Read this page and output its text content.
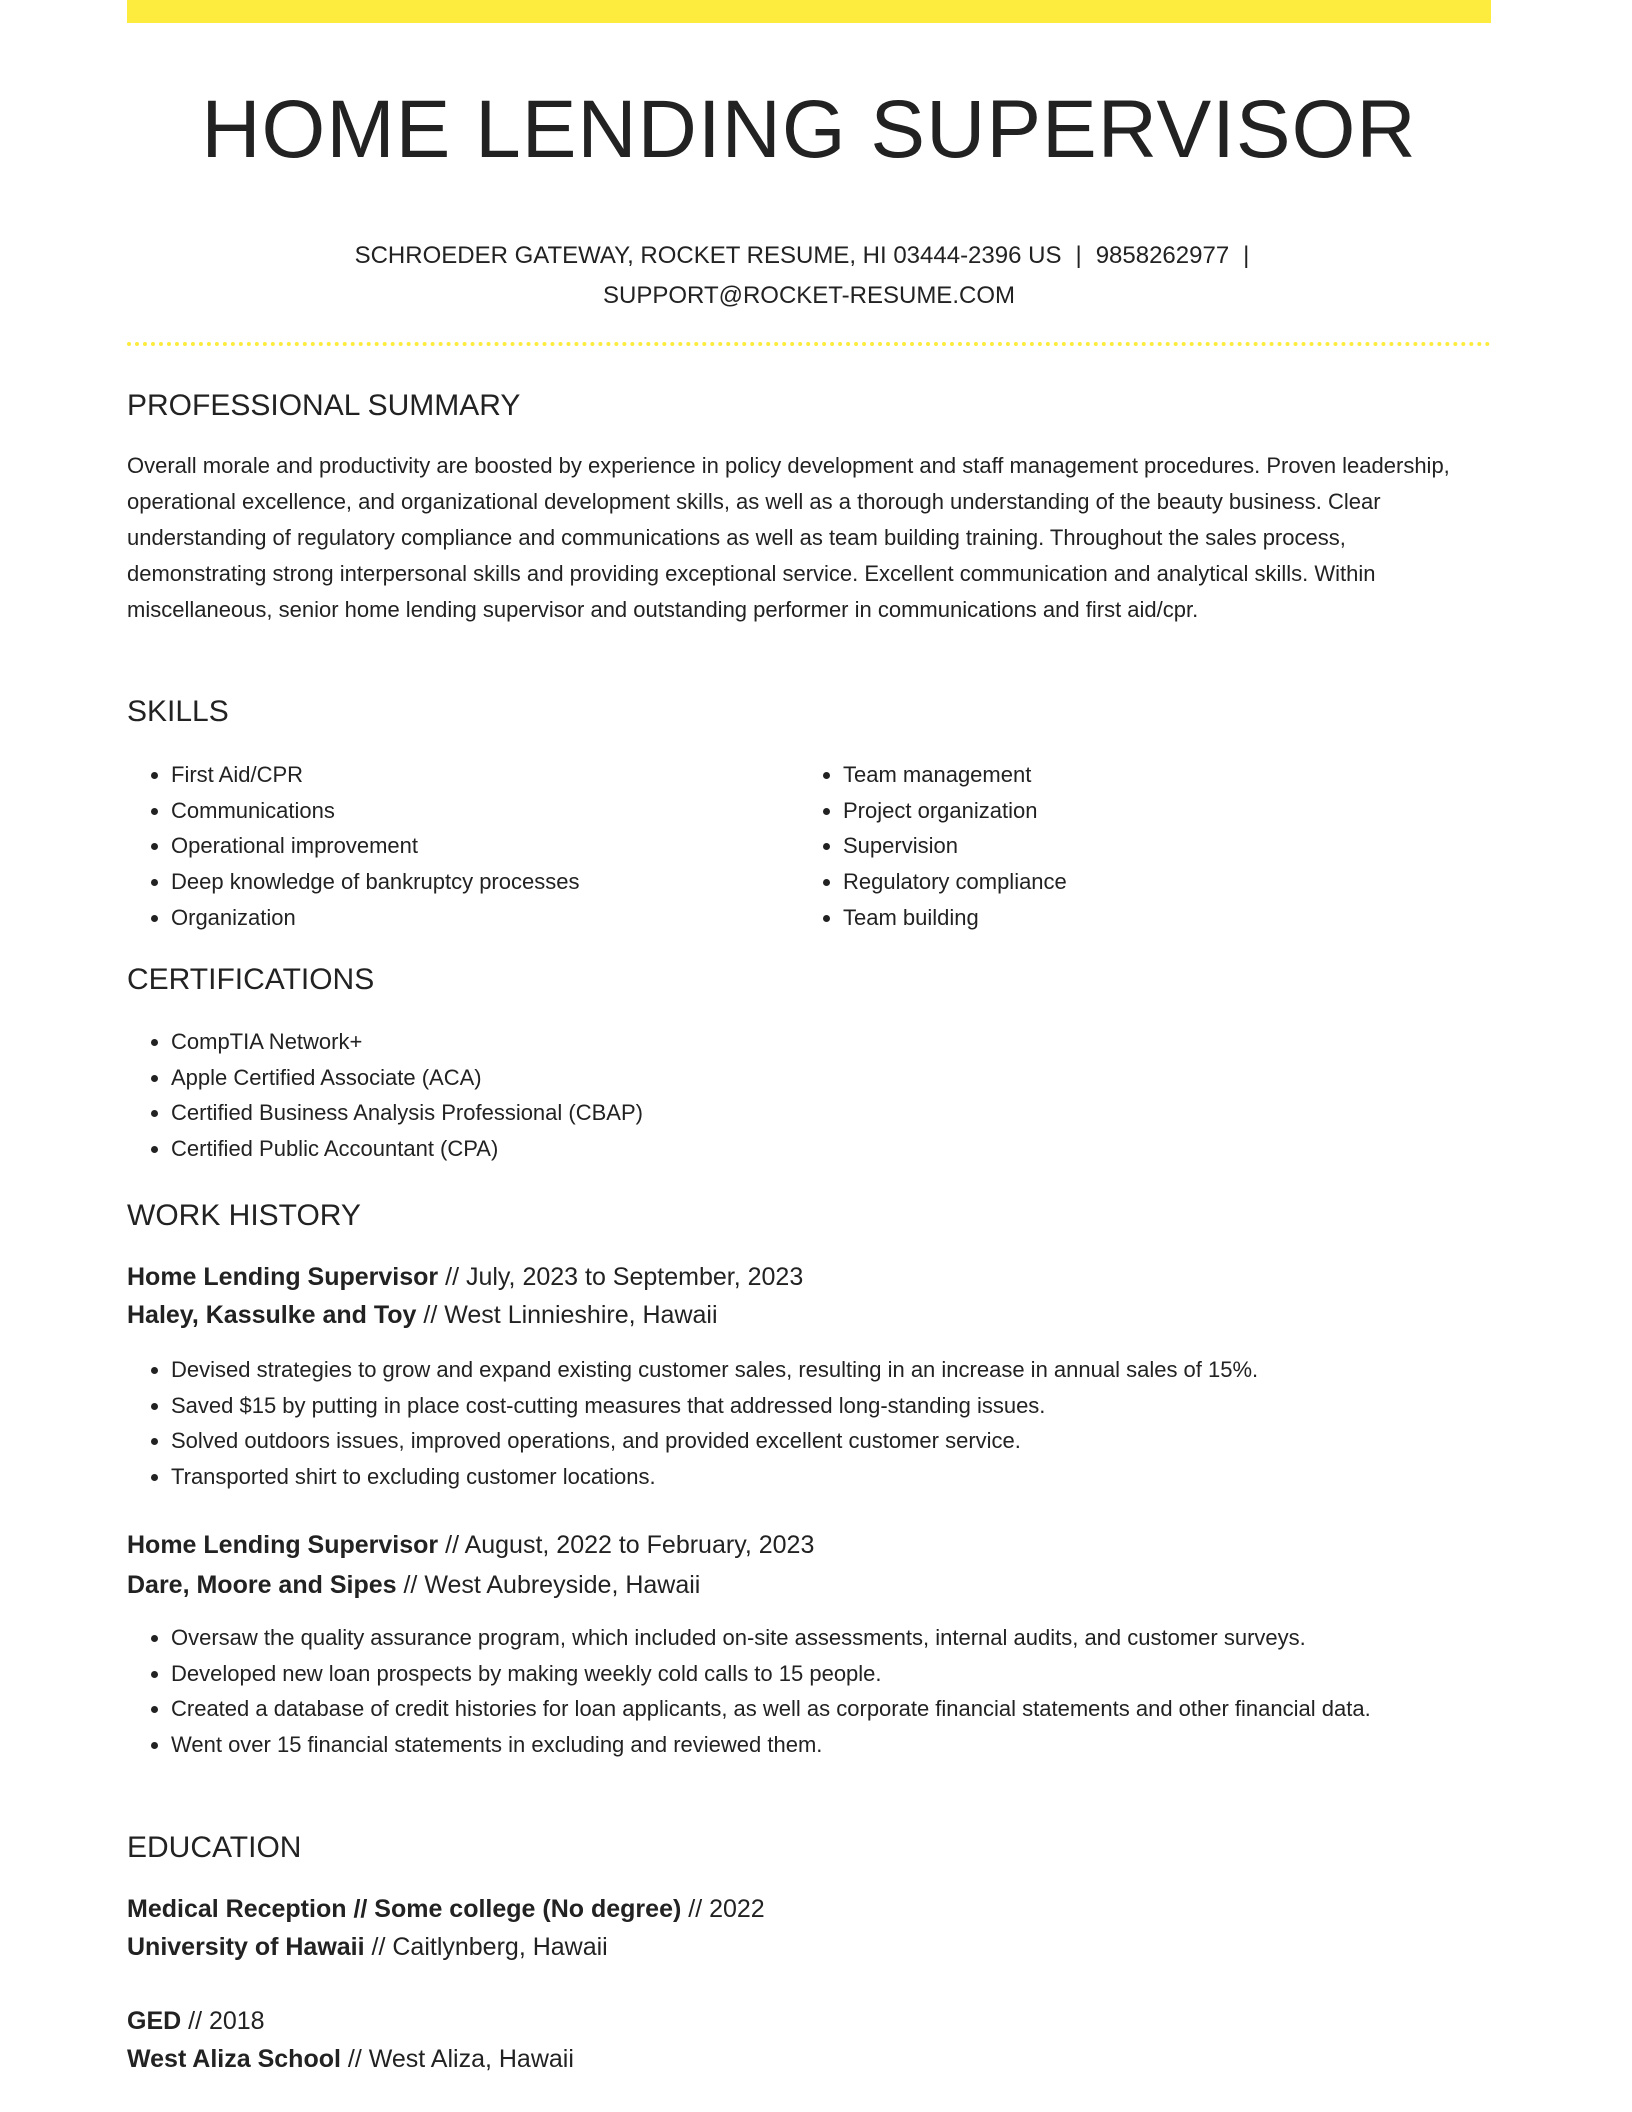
HOME LENDING SUPERVISOR
SCHROEDER GATEWAY, ROCKET RESUME, HI 03444-2396 US | 9858262977 |
SUPPORT@ROCKET-RESUME.COM
PROFESSIONAL SUMMARY

Overall morale and productivity are boosted by experience in policy development and staff management procedures. Proven leadership, operational excellence, and organizational development skills, as well as a thorough understanding of the beauty business. Clear understanding of regulatory compliance and communications as well as team building training. Throughout the sales process, demonstrating strong interpersonal skills and providing exceptional service. Excellent communication and analytical skills. Within miscellaneous, senior home lending supervisor and outstanding performer in communications and first aid/cpr.

SKILLS
• First Aid/CPR
• Communications
• Operational improvement
• Deep knowledge of bankruptcy processes
• Organization
• Team management
• Project organization
• Supervision
• Regulatory compliance
• Team building
CERTIFICATIONS
• CompTIA Network+
• Apple Certified Associate (ACA)
• Certified Business Analysis Professional (CBAP)
• Certified Public Accountant (CPA)
WORK HISTORY

Home Lending Supervisor // July, 2023 to September, 2023

Haley, Kassulke and Toy // West Linnieshire, Hawaii

• Devised strategies to grow and expand existing customer sales, resulting in an increase in annual sales of 15%.
• Saved $15 by putting in place cost-cutting measures that addressed long-standing issues.
• Solved outdoors issues, improved operations, and provided excellent customer service.
• Transported shirt to excluding customer locations.

Home Lending Supervisor // August, 2022 to February, 2023

Dare, Moore and Sipes // West Aubreyside, Hawaii

• Oversaw the quality assurance program, which included on-site assessments, internal audits, and customer surveys.
• Developed new loan prospects by making weekly cold calls to 15 people.
• Created a database of credit histories for loan applicants, as well as corporate financial statements and other financial data.
• Went over 15 financial statements in excluding and reviewed them.
EDUCATION

Medical Reception // Some college (No degree) // 2022

University of Hawaii // Caitlynberg, Hawaii

GED // 2018

West Aliza School // West Aliza, Hawaii
